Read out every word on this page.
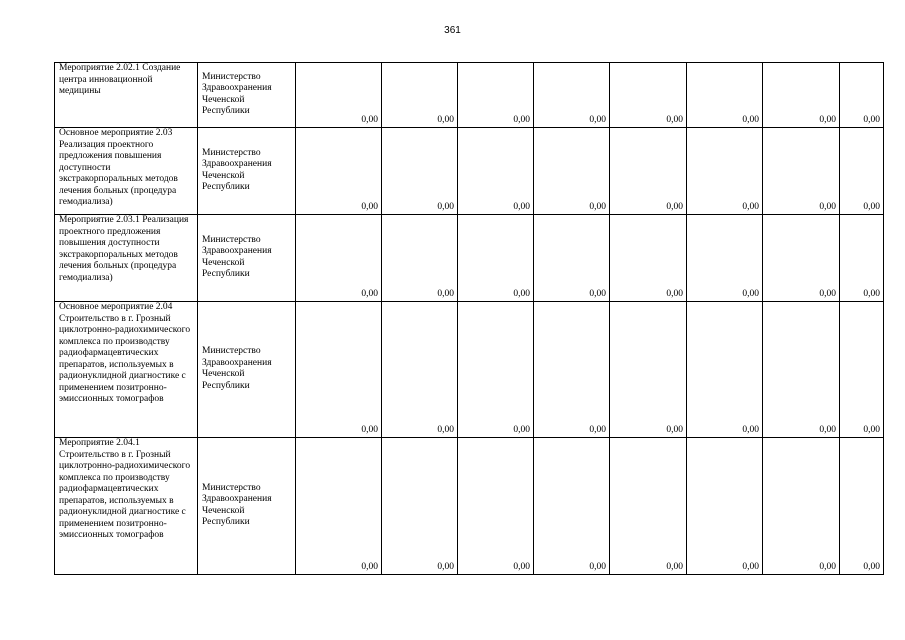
361
Мероприятие 2.02.1 Создание центра инновационной медицины	Министерство Здравоохранения Чеченской Республики	0,00	0,00	0,00	0,00	0,00	0,00	0,00	0,00
Основное мероприятие 2.03 Реализация проектного предложения повышения доступности экстракорпоральных методов лечения больных (процедура гемодиализа)	Министерство Здравоохранения Чеченской Республики	0,00	0,00	0,00	0,00	0,00	0,00	0,00	0,00
Мероприятие 2.03.1 Реализация проектного предложения повышения доступности экстракорпоральных методов лечения больных (процедура гемодиализа)	Министерство Здравоохранения Чеченской Республики	0,00	0,00	0,00	0,00	0,00	0,00	0,00	0,00
Основное мероприятие 2.04 Строительство в г. Грозный циклотронно-радиохимического комплекса по производству радиофармацевтических препаратов, используемых в радионуклидной диагностике с применением позитронно-эмиссионных томографов	Министерство Здравоохранения Чеченской Республики	0,00	0,00	0,00	0,00	0,00	0,00	0,00	0,00
Мероприятие 2.04.1 Строительство в г. Грозный циклотронно-радиохимического комплекса по производству радиофармацевтических препаратов, используемых в радионуклидной диагностике с применением позитронно-эмиссионных томографов	Министерство Здравоохранения Чеченской Республики	0,00	0,00	0,00	0,00	0,00	0,00	0,00	0,00
